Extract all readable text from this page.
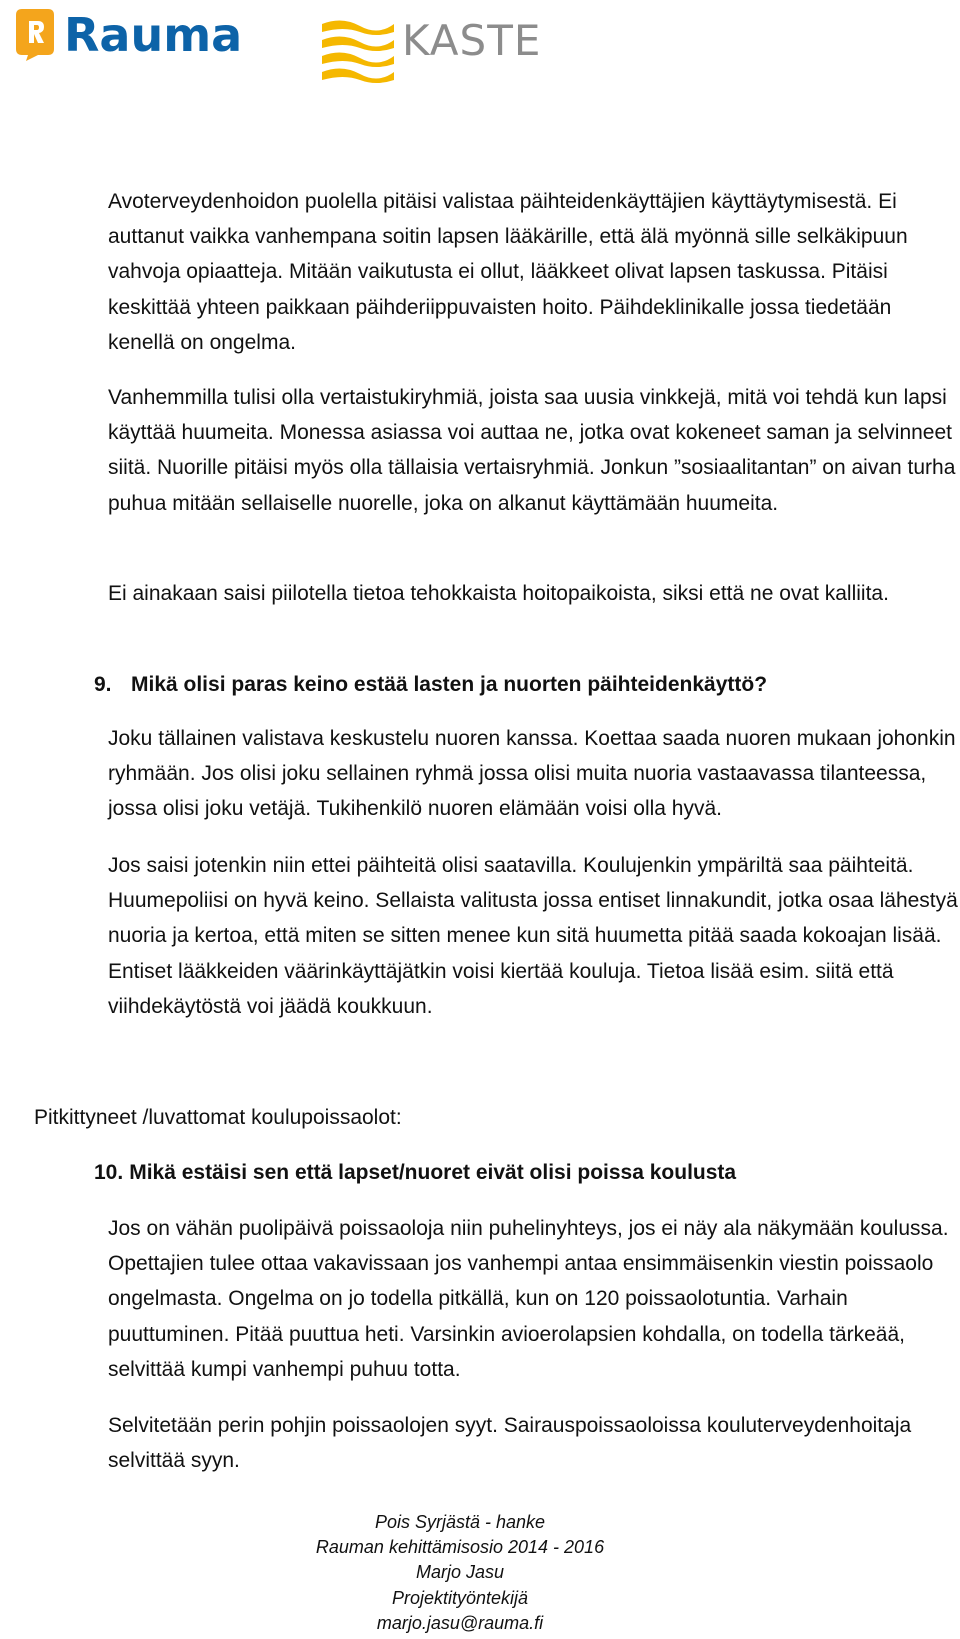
Rauma	KASTE

Avoterveydenhoidon puolella pitäisi valistaa päihteidenkäyttäjien käyttäytymisestä. Ei auttanut vaikka vanhempana soitin lapsen lääkärille, että älä myönnä sille selkäkipuun vahvoja opiaatteja. Mitään vaikutusta ei ollut, lääkkeet olivat lapsen taskussa. Pitäisi keskittää yhteen paikkaan päihderiippuvaisten hoito. Päihdeklinikalle jossa tiedetään kenellä on ongelma.

Vanhemmilla tulisi olla vertaistukiryhmiä, joista saa uusia vinkkejä, mitä voi tehdä kun lapsi käyttää huumeita. Monessa asiassa voi auttaa ne, jotka ovat kokeneet saman ja selvinneet siitä. Nuorille pitäisi myös olla tällaisia vertaisryhmiä. Jonkun ”sosiaalitantan” on aivan turha puhua mitään sellaiselle nuorelle, joka on alkanut käyttämään huumeita.

Ei ainakaan saisi piilotella tietoa tehokkaista hoitopaikoista, siksi että ne ovat kalliita.

9. Mikä olisi paras keino estää lasten ja nuorten päihteidenkäyttö?

Joku tällainen valistava keskustelu nuoren kanssa. Koettaa saada nuoren mukaan johonkin ryhmään. Jos olisi joku sellainen ryhmä jossa olisi muita nuoria vastaavassa tilanteessa, jossa olisi joku vetäjä. Tukihenkilö nuoren elämään voisi olla hyvä.

Jos saisi jotenkin niin ettei päihteitä olisi saatavilla. Koulujenkin ympäriltä saa päihteitä. Huumepoliisi on hyvä keino. Sellaista valitusta jossa entiset linnakundit, jotka osaa lähestyä nuoria ja kertoa, että miten se sitten menee kun sitä huumetta pitää saada kokoajan lisää. Entiset lääkkeiden väärinkäyttäjätkin voisi kiertää kouluja. Tietoa lisää esim. siitä että viihdekäytöstä voi jäädä koukkuun.

Pitkittyneet /luvattomat koulupoissaolot:
10. Mikä estäisi sen että lapset/nuoret eivät olisi poissa koulusta

Jos on vähän puolipäivä poissaoloja niin puhelinyhteys, jos ei näy ala näkymään koulussa. Opettajien tulee ottaa vakavissaan jos vanhempi antaa ensimmäisenkin viestin poissaolo ongelmasta. Ongelma on jo todella pitkällä, kun on 120 poissaolotuntia. Varhain puuttuminen. Pitää puuttua heti. Varsinkin avioerolapsien kohdalla, on todella tärkeää, selvittää kumpi vanhempi puhuu totta.

Selvitetään perin pohjin poissaolojen syyt. Sairauspoissaoloissa kouluterveydenhoitaja selvittää syyn.

Pois Syrjästä - hanke
Rauman kehittämisosio 2014 - 2016
Marjo Jasu
Projektityöntekijä
marjo.jasu@rauma.fi
